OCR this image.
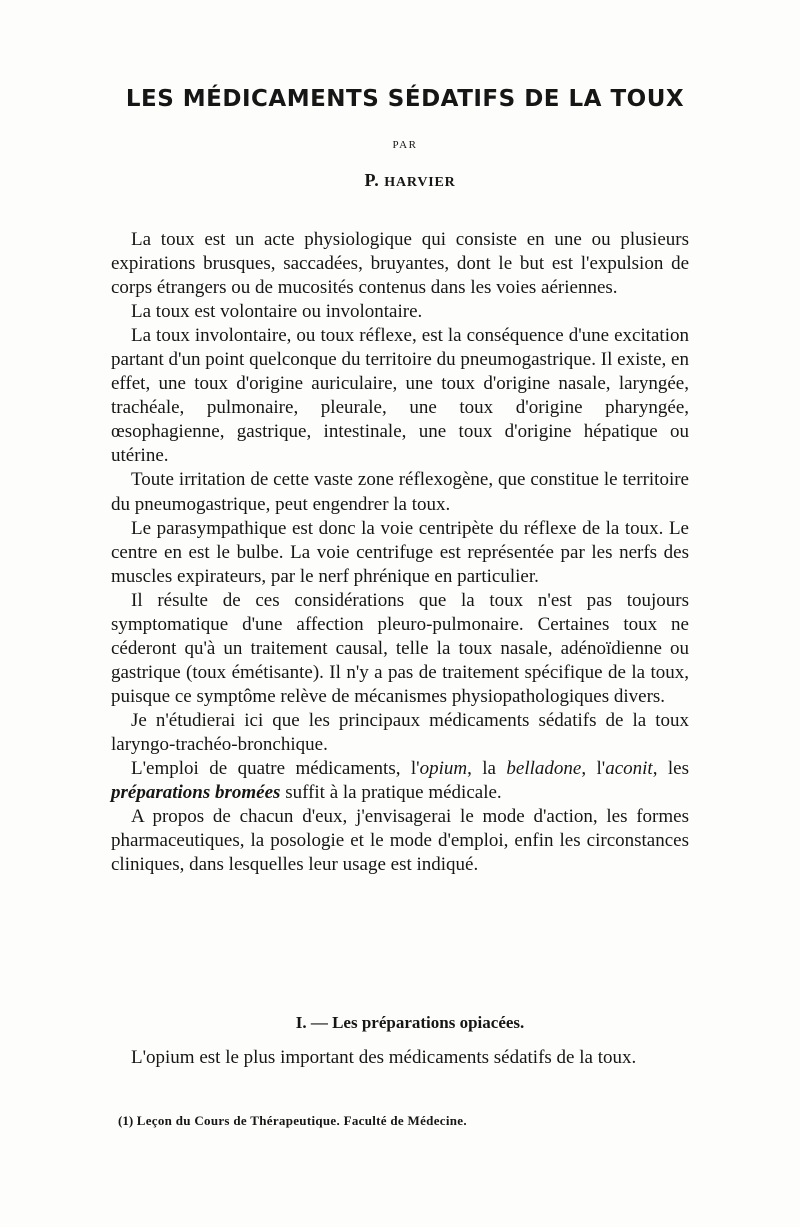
LES MÉDICAMENTS SÉDATIFS DE LA TOUX

PAR

P. HARVIER

La toux est un acte physiologique qui consiste en une ou plusieurs expirations brusques, saccadées, bruyantes, dont le but est l'expulsion de corps étrangers ou de mucosités contenus dans les voies aériennes.

La toux est volontaire ou involontaire.

La toux involontaire, ou toux réflexe, est la conséquence d'une excitation partant d'un point quelconque du territoire du pneumogastrique. Il existe, en effet, une toux d'origine auriculaire, une toux d'origine nasale, laryngée, trachéale, pulmonaire, pleurale, une toux d'origine pharyngée, œsophagienne, gastrique, intestinale, une toux d'origine hépatique ou utérine.

Toute irritation de cette vaste zone réflexogène, que constitue le territoire du pneumogastrique, peut engendrer la toux.

Le parasympathique est donc la voie centripète du réflexe de la toux. Le centre en est le bulbe. La voie centrifuge est représentée par les nerfs des muscles expirateurs, par le nerf phrénique en particulier.

Il résulte de ces considérations que la toux n'est pas toujours symptomatique d'une affection pleuro-pulmonaire. Certaines toux ne céderont qu'à un traitement causal, telle la toux nasale, adénoïdienne ou gastrique (toux émétisante). Il n'y a pas de traitement spécifique de la toux, puisque ce symptôme relève de mécanismes physiopathologiques divers.

Je n'étudierai ici que les principaux médicaments sédatifs de la toux laryngo-trachéo-bronchique.

L'emploi de quatre médicaments, l'opium, la belladone, l'aconit, les préparations bromées suffit à la pratique médicale.

A propos de chacun d'eux, j'envisagerai le mode d'action, les formes pharmaceutiques, la posologie et le mode d'emploi, enfin les circonstances cliniques, dans lesquelles leur usage est indiqué.

I. — Les préparations opiacées.

L'opium est le plus important des médicaments sédatifs de la toux.

(1) Leçon du Cours de Thérapeutique. Faculté de Médecine.
